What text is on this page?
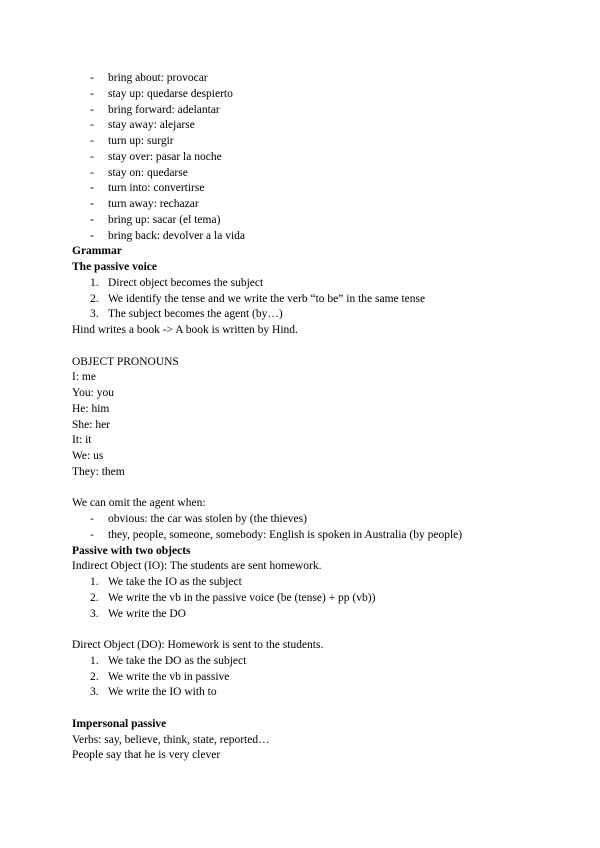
- bring about: provocar
- stay up: quedarse despierto
- bring forward: adelantar
- stay away: alejarse
- turn up: surgir
- stay over: pasar la noche
- stay on: quedarse
- turn into: convertirse
- turn away: rechazar
- bring up: sacar (el tema)
- bring back: devolver a la vida
Grammar
The passive voice
1. Direct object becomes the subject
2. We identify the tense and we write the verb “to be” in the same tense
3. The subject becomes the agent (by…)
Hind writes a book -> A book is written by Hind.
OBJECT PRONOUNS
I: me
You: you
He: him
She: her
It: it
We: us
They: them
We can omit the agent when:
- obvious: the car was stolen by (the thieves)
- they, people, someone, somebody: English is spoken in Australia (by people)
Passive with two objects
Indirect Object (IO): The students are sent homework.
1. We take the IO as the subject
2. We write the vb in the passive voice (be (tense) + pp (vb))
3. We write the DO
Direct Object (DO): Homework is sent to the students.
1. We take the DO as the subject
2. We write the vb in passive
3. We write the IO with to
Impersonal passive
Verbs: say, believe, think, state, reported…
People say that he is very clever
